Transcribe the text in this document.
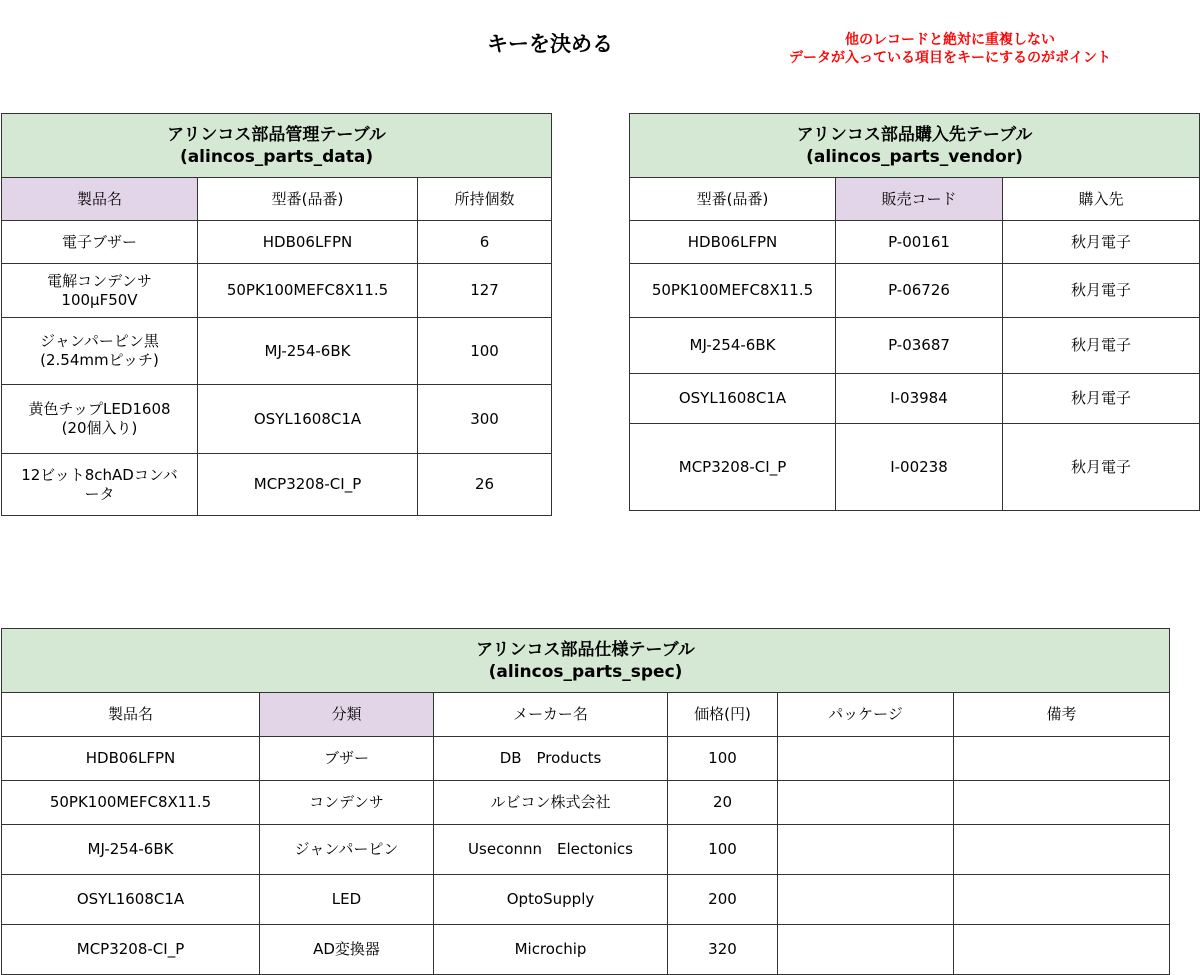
キーを決める	他のレコードと絶対に重複しない
データが入っている項目をキーにするのがポイント
アリンコス部品管理テーブル
(alincos_parts_data)		

製品名	型番(品番)	所持個数
電子ブザー	HDB06LFPN	6
電解コンデンサ
100μF50V	50PK100MEFC8X11.5	127
ジャンパーピン黒
(2.54mmピッチ)	MJ-254-6BK	100
黄色チップLED1608
(20個入り)	OSYL1608C1A	300
12ビット8chADコンバ
ータ	MCP3208-CI_P	26
アリンコス部品購入先テーブル
(alincos_parts_vendor)		

型番(品番)	販売コード	購入先
HDB06LFPN	P-00161	秋月電子
50PK100MEFC8X11.5	P-06726	秋月電子
MJ-254-6BK	P-03687	秋月電子
OSYL1608C1A	I-03984	秋月電子
MCP3208-CI_P	I-00238	秋月電子
アリンコス部品仕様テーブル
(alincos_parts_spec)					

製品名	分類	メーカー名	価格(円)	パッケージ	備考
HDB06LFPN	ブザー	DB　Products	100		
50PK100MEFC8X11.5	コンデンサ	ルビコン株式会社	20		
MJ-254-6BK	ジャンパーピン	Useconnn　Electonics	100		
OSYL1608C1A	LED	OptoSupply	200		
MCP3208-CI_P	AD変換器	Microchip	320		
